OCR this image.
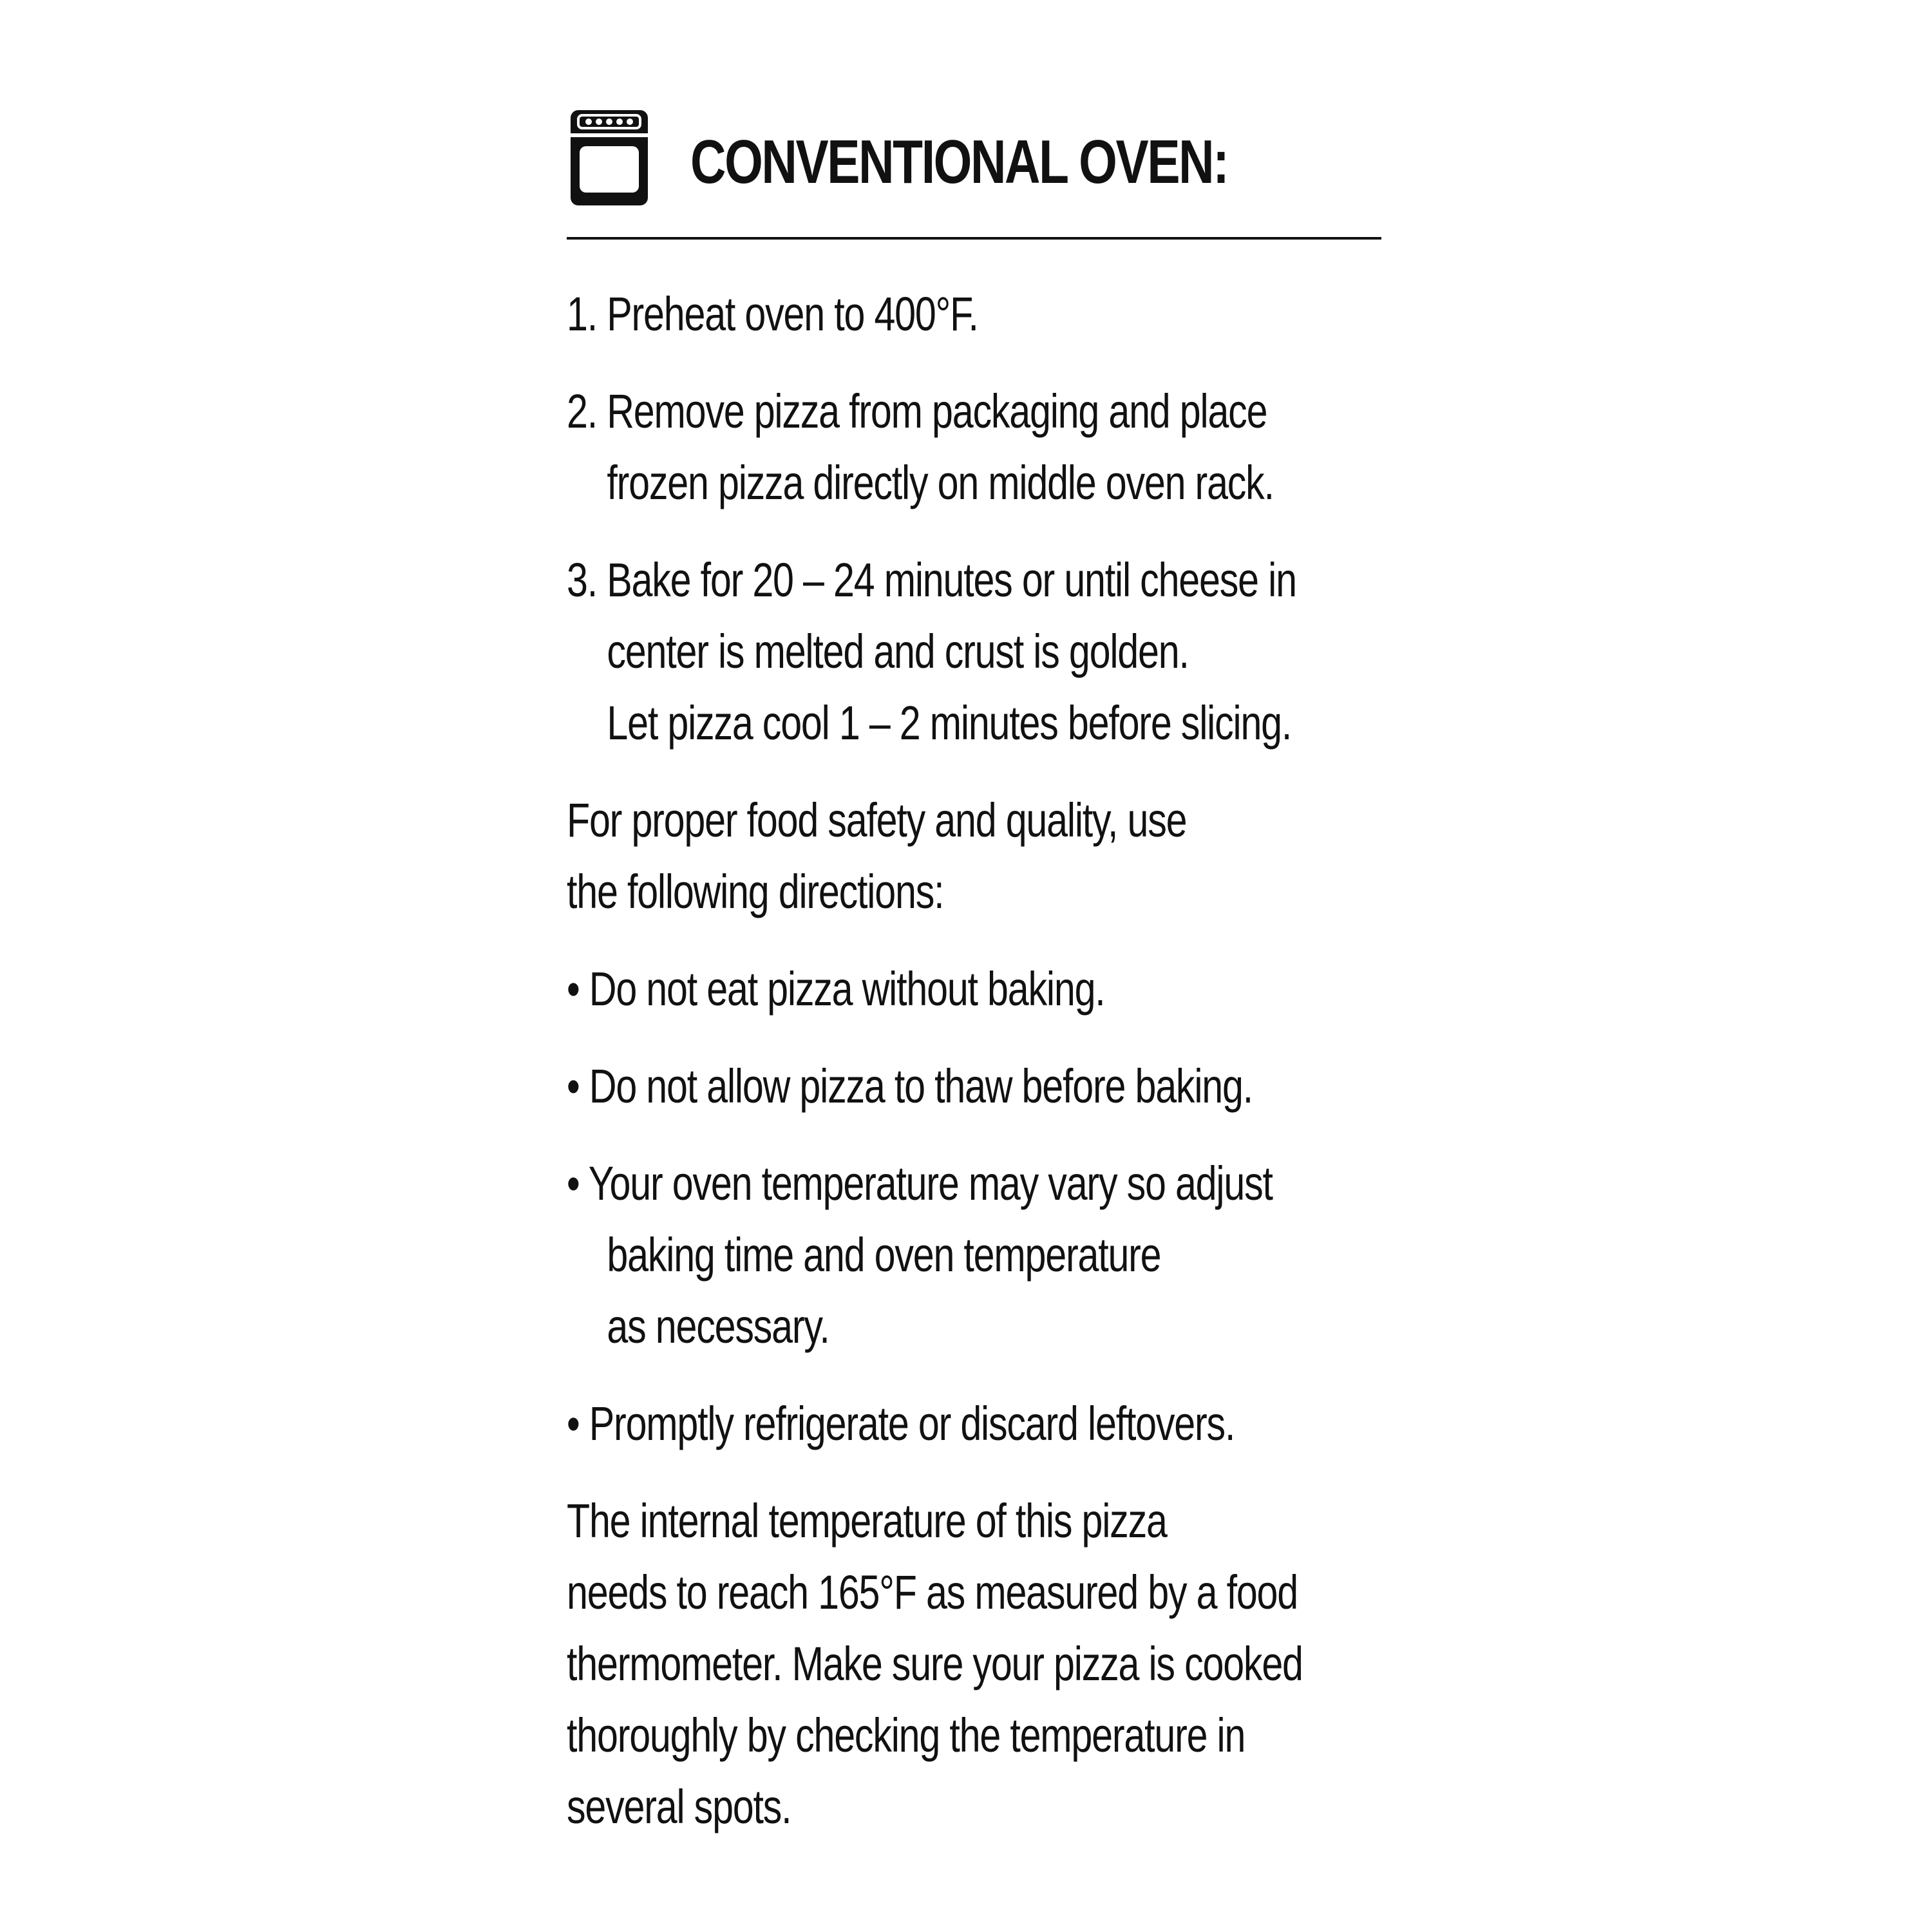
CONVENTIONAL OVEN:
1. Preheat oven to 400°F.
2. Remove pizza from packaging and place
frozen pizza directly on middle oven rack.
3. Bake for 20 – 24 minutes or until cheese in
center is melted and crust is golden.
Let pizza cool 1 – 2 minutes before slicing.
For proper food safety and quality, use
the following directions:
• Do not eat pizza without baking.
• Do not allow pizza to thaw before baking.
• Your oven temperature may vary so adjust
baking time and oven temperature
as necessary.
• Promptly refrigerate or discard leftovers.
The internal temperature of this pizza
needs to reach 165°F as measured by a food
thermometer. Make sure your pizza is cooked
thoroughly by checking the temperature in
several spots.
